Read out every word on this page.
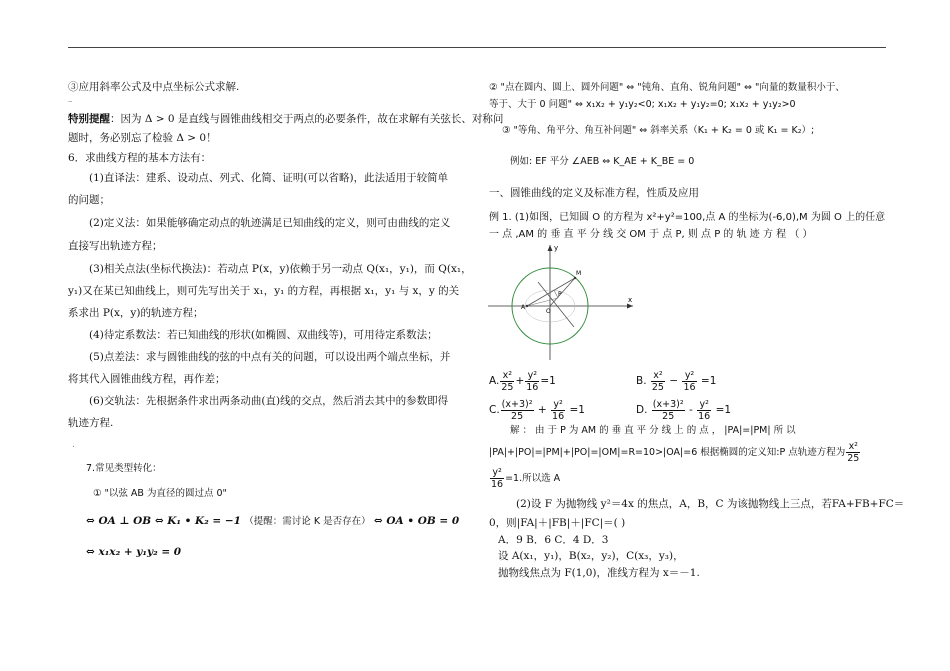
③应用斜率公式及中点坐标公式求解.
–
特别提醒：因为 Δ > 0 是直线与圆锥曲线相交于两点的必要条件，故在求解有关弦长、对称问
题时，务必别忘了检验 Δ > 0！
6．求曲线方程的基本方法有：
(1)直译法：建系、设动点、列式、化简、证明(可以省略)，此法适用于较简单
的问题；
(2)定义法：如果能够确定动点的轨迹满足已知曲线的定义，则可由曲线的定义
直接写出轨迹方程；
(3)相关点法(坐标代换法)：若动点 P(x，y)依赖于另一动点 Q(x₁，y₁)，而 Q(x₁，
y₁)又在某已知曲线上，则可先写出关于 x₁，y₁ 的方程，再根据 x₁，y₁ 与 x，y 的关
系求出 P(x，y)的轨迹方程；
(4)待定系数法：若已知曲线的形状(如椭圆、双曲线等)，可用待定系数法；
(5)点差法：求与圆锥曲线的弦的中点有关的问题，可以设出两个端点坐标，并
将其代入圆锥曲线方程，再作差；
(6)交轨法：先根据条件求出两条动曲(直)线的交点，然后消去其中的参数即得
轨迹方程.
.
7.常见类型转化：
① "以弦 AB 为直径的圆过点 0"
⇔ OA ⊥ OB ⇔ K₁ • K₂ = −1 （提醒：需讨论 K 是否存在） ⇔ OA • OB = 0
⇔ x₁x₂ + y₁y₂ = 0
② "点在圆内、圆上、圆外问题" ⇔ "钝角、直角、锐角问题" ⇔ "向量的数量积小于、
等于、大于 0 问题" ⇔ x₁x₂ + y₁y₂<0; x₁x₂ + y₁y₂=0; x₁x₂ + y₁y₂>0
③ "等角、角平分、角互补问题" ⇔ 斜率关系（K₁ + K₂ = 0 或 K₁ = K₂）;
例如: EF 平分 ∠AEB ⇔ K_AE + K_BE = 0
一、圆锥曲线的定义及标准方程，性质及应用
例 1. (1)如图，已知圆 O 的方程为 x²+y²=100,点 A 的坐标为(-6,0),M 为圆 O 上的任意
一 点 ,AM 的 垂 直 平 分 线 交 OM 于 点 P, 则 点 P 的 轨 迹 方 程 （ ）
y
x
M
P
A
O
A. $\frac{\text{x²}}{25} + \frac{\text{y²}}{16} =1$	B. $\frac{\text{x²}}{25} - \frac{\text{y²}}{16} =1$
C. $\frac{\text{(x+3)²}}{25} + \frac{\text{y²}}{16} =1$	D. $\frac{\text{(x+3)²}}{25} - \frac{\text{y²}}{16} =1$
解 ： 由 于 P 为 AM 的 垂 直 平 分 线 上 的 点 ， |PA|=|PM| 所 以
|PA|+|PO|=|PM|+|PO|=|OM|=R=10>|OA|=6 根据椭圆的定义知:P 点轨迹方程为 $\frac{\text{x²}}{25}$
$\frac{\text{y²}}{16} =1$.所以选 A
(2)设 F 为抛物线 y²＝4x 的焦点，A，B，C 为该抛物线上三点，若FA+FB+FC＝
0，则|FA|＋|FB|＋|FC|＝( )
A．9 B．6 C．4 D．3
设 A(x₁，y₁)，B(x₂，y₂)，C(x₃，y₃)，
抛物线焦点为 F(1,0)，准线方程为 x＝－1.
